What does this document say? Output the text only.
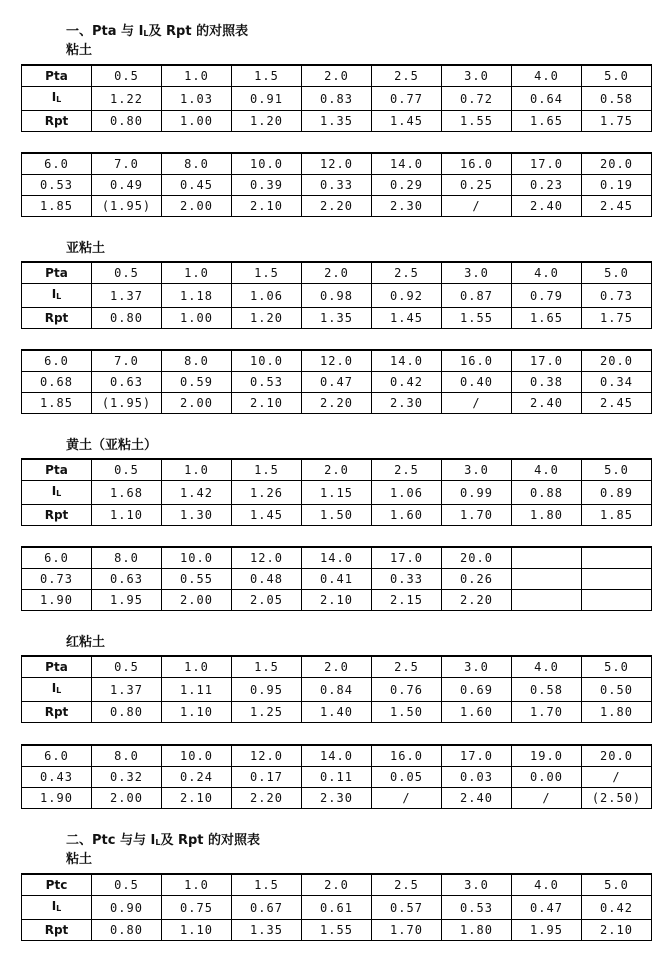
一、Pta 与 $I_L$及 Rpt 的对照表
粘土
Pta	0.5	1.0	1.5	2.0	2.5	3.0	4.0	5.0
$I_L$	1.22	1.03	0.91	0.83	0.77	0.72	0.64	0.58
Rpt	0.80	1.00	1.20	1.35	1.45	1.55	1.65	1.75
6.0	7.0	8.0	10.0	12.0	14.0	16.0	17.0	20.0
0.53	0.49	0.45	0.39	0.33	0.29	0.25	0.23	0.19
1.85	(1.95)	2.00	2.10	2.20	2.30	/	2.40	2.45
亚粘土
Pta	0.5	1.0	1.5	2.0	2.5	3.0	4.0	5.0
$I_L$	1.37	1.18	1.06	0.98	0.92	0.87	0.79	0.73
Rpt	0.80	1.00	1.20	1.35	1.45	1.55	1.65	1.75
6.0	7.0	8.0	10.0	12.0	14.0	16.0	17.0	20.0
0.68	0.63	0.59	0.53	0.47	0.42	0.40	0.38	0.34
1.85	(1.95)	2.00	2.10	2.20	2.30	/	2.40	2.45
黄土（亚粘土）
Pta	0.5	1.0	1.5	2.0	2.5	3.0	4.0	5.0
$I_L$	1.68	1.42	1.26	1.15	1.06	0.99	0.88	0.89
Rpt	1.10	1.30	1.45	1.50	1.60	1.70	1.80	1.85
6.0	8.0	10.0	12.0	14.0	17.0	20.0		
0.73	0.63	0.55	0.48	0.41	0.33	0.26		
1.90	1.95	2.00	2.05	2.10	2.15	2.20		
红粘土
Pta	0.5	1.0	1.5	2.0	2.5	3.0	4.0	5.0
$I_L$	1.37	1.11	0.95	0.84	0.76	0.69	0.58	0.50
Rpt	0.80	1.10	1.25	1.40	1.50	1.60	1.70	1.80
6.0	8.0	10.0	12.0	14.0	16.0	17.0	19.0	20.0
0.43	0.32	0.24	0.17	0.11	0.05	0.03	0.00	/
1.90	2.00	2.10	2.20	2.30	/	2.40	/	(2.50)
二、Ptc 与与 $I_L$及 Rpt 的对照表
粘土
Ptc	0.5	1.0	1.5	2.0	2.5	3.0	4.0	5.0
$I_L$	0.90	0.75	0.67	0.61	0.57	0.53	0.47	0.42
Rpt	0.80	1.10	1.35	1.55	1.70	1.80	1.95	2.10
